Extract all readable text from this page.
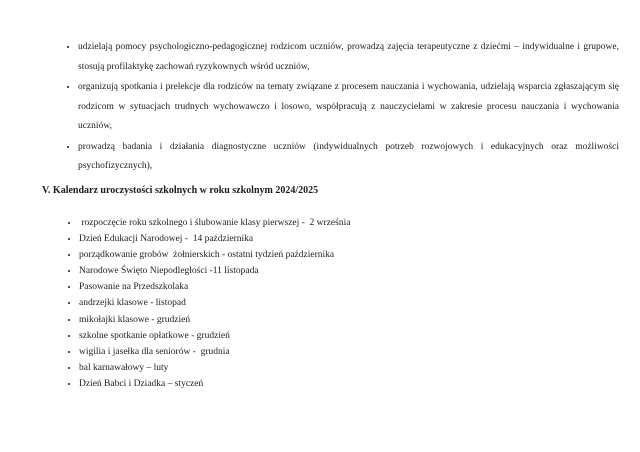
• udzielają pomocy psychologiczno-pedagogicznej rodzicom uczniów, prowadzą zajęcia terapeutyczne z dziećmi – indywidualne i grupowe, stosują profilaktykę zachowań ryzykownych wśród uczniów,
• organizują spotkania i prelekcje dla rodziców na tematy związane z procesem nauczania i wychowania, udzielają wsparcia zgłaszającym się rodzicom w sytuacjach trudnych wychowawczo i losowo, współpracują z nauczycielami w zakresie procesu nauczania i wychowania uczniów,
• prowadzą badania i działania diagnostyczne uczniów (indywidualnych potrzeb rozwojowych i edukacyjnych oraz możliwości psychofizycznych),
V. Kalendarz uroczystości szkolnych w roku szkolnym 2024/2025
•  rozpoczęcie roku szkolnego i ślubowanie klasy pierwszej -  2 września
• Dzień Edukacji Narodowej -  14 października
• porządkowanie grobów  żołnierskich - ostatni tydzień października
• Narodowe Święto Niepodległości -11 listopada
• Pasowanie na Przedszkolaka
• andrzejki klasowe - listopad
• mikołajki klasowe - grudzień
• szkolne spotkanie opłatkowe - grudzień
• wigilia i jasełka dla seniorów -  grudnia
• bal karnawałowy – luty
• Dzień Babci i Dziadka – styczeń
